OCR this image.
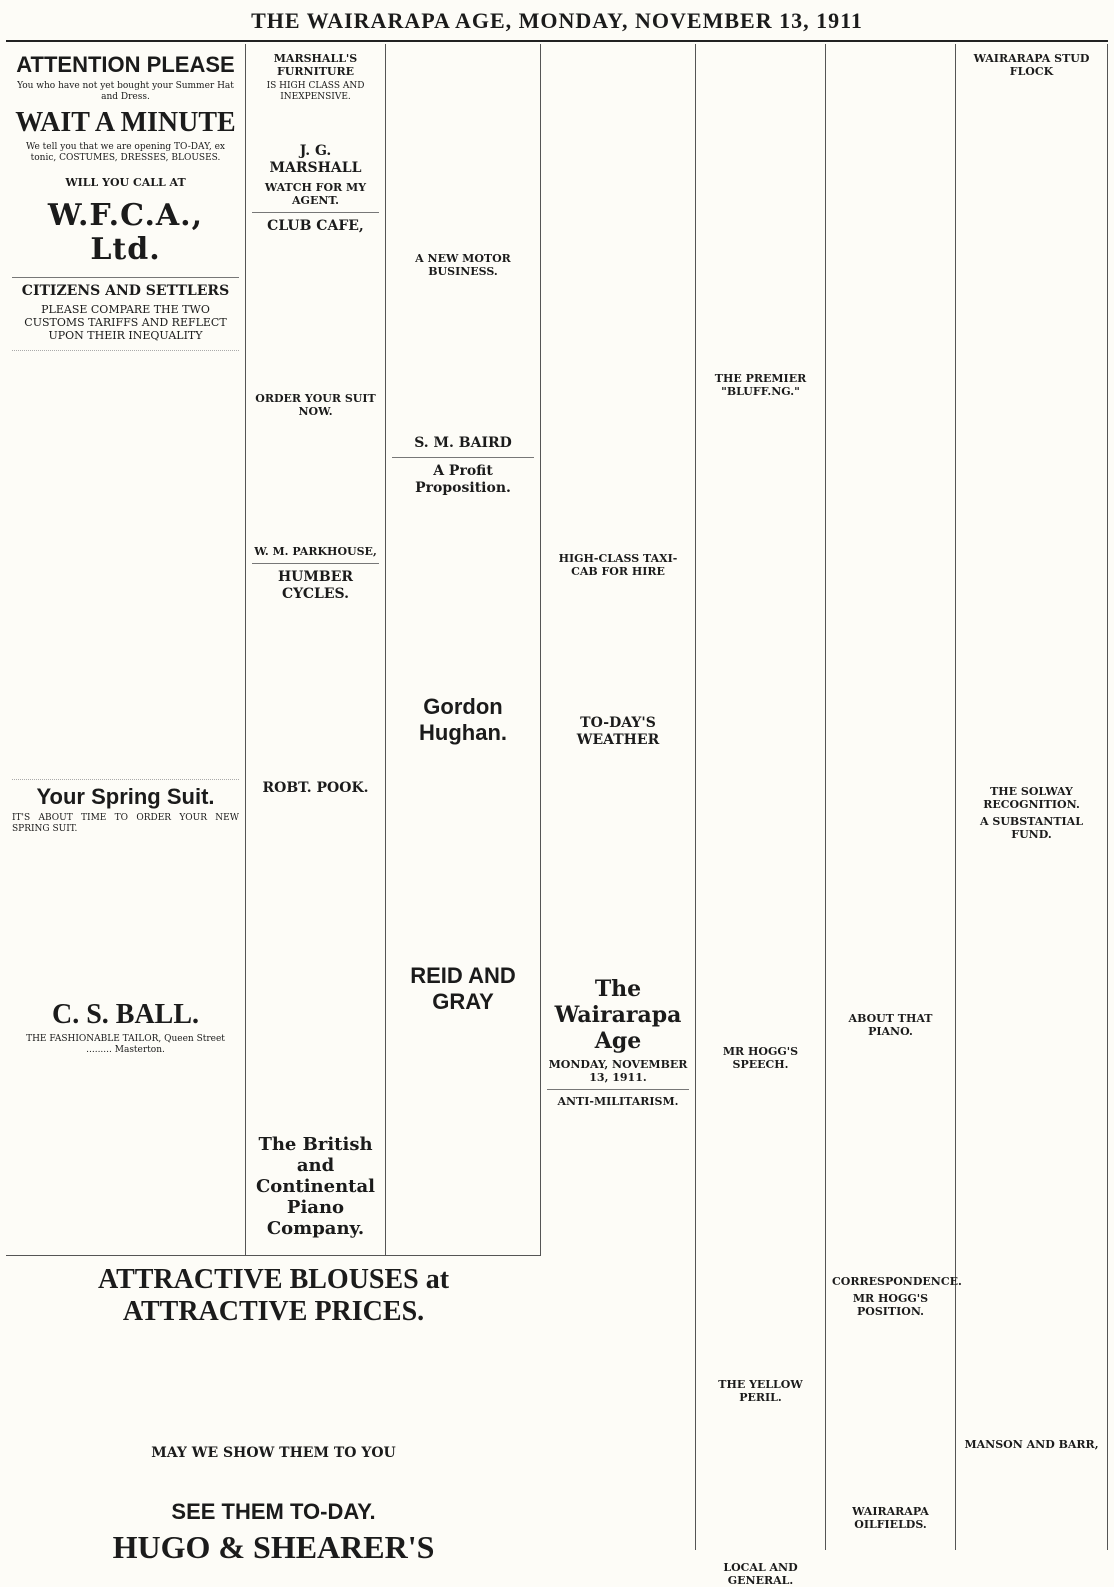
THE WAIRARAPA AGE, MONDAY, NOVEMBER 13, 1911
ATTENTION PLEASE
You who have not yet bought your Summer Hat and Dress.
WAIT A MINUTE
We tell you that we are opening TO-DAY, ex tonic, COSTUMES, DRESSES, BLOUSES.
WILL YOU CALL AT
W.F.C.A., Ltd.
CITIZENS AND SETTLERS
PLEASE COMPARE THE TWO CUSTOMS TARIFFS AND REFLECT UPON THEIR INEQUALITY
Your Spring Suit.
IT'S ABOUT TIME TO ORDER YOUR NEW SPRING SUIT.
C. S. BALL.
THE FASHIONABLE TAILOR, Queen Street ......... Masterton.
MARSHALL'S FURNITURE
IS HIGH CLASS AND INEXPENSIVE.
J. G. MARSHALL
WATCH FOR MY AGENT.
CLUB CAFE,
ORDER YOUR SUIT NOW.
W. M. PARKHOUSE,
HUMBER CYCLES.
ROBT. POOK.
The British and Continental Piano Company.
A NEW MOTOR BUSINESS.
S. M. BAIRD
A Profit Proposition.
Gordon Hughan.
REID AND GRAY
HIGH-CLASS TAXI-CAB FOR HIRE
TO-DAY'S WEATHER
The Wairarapa Age
MONDAY, NOVEMBER 13, 1911.
ANTI-MILITARISM.
THE PREMIER "BLUFF.NG."
MR HOGG'S SPEECH.
THE YELLOW PERIL.
LOCAL AND GENERAL.
ABOUT THAT PIANO.
CORRESPONDENCE.
MR HOGG'S POSITION.
WAIRARAPA OILFIELDS.
WAIRARAPA STUD FLOCK
THE SOLWAY RECOGNITION.
A SUBSTANTIAL FUND.
MANSON AND BARR,
ATTRACTIVE BLOUSES at ATTRACTIVE PRICES.
MAY WE SHOW THEM TO YOU
SEE THEM TO-DAY.
HUGO & SHEARER'S
